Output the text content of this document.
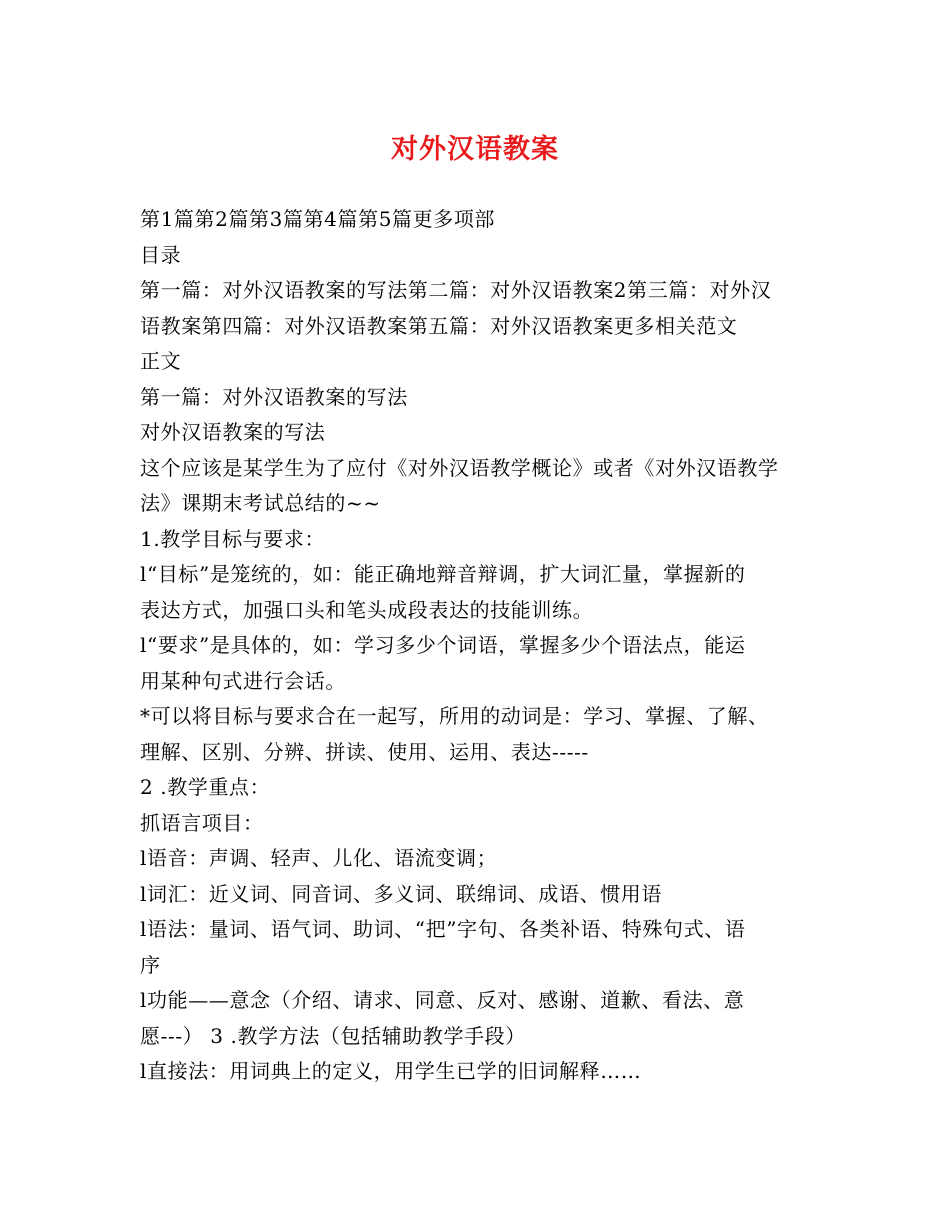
对外汉语教案
第1篇第2篇第3篇第4篇第5篇更多项部
目录
第一篇：对外汉语教案的写法第二篇：对外汉语教案2第三篇：对外汉
语教案第四篇：对外汉语教案第五篇：对外汉语教案更多相关范文
正文
第一篇：对外汉语教案的写法
对外汉语教案的写法
这个应该是某学生为了应付《对外汉语教学概论》或者《对外汉语教学
法》课期末考试总结的~~
1.教学目标与要求：
l“目标”是笼统的，如：能正确地辩音辩调，扩大词汇量，掌握新的
表达方式，加强口头和笔头成段表达的技能训练。
l“要求”是具体的，如：学习多少个词语，掌握多少个语法点，能运
用某种句式进行会话。
*可以将目标与要求合在一起写，所用的动词是：学习、掌握、了解、
理解、区别、分辨、拼读、使用、运用、表达-----
2 .教学重点：
抓语言项目：
l语音：声调、轻声、儿化、语流变调；
l词汇：近义词、同音词、多义词、联绵词、成语、惯用语
l语法：量词、语气词、助词、“把”字句、各类补语、特殊句式、语
序
l功能——意念（介绍、请求、同意、反对、感谢、道歉、看法、意
愿---） 3 .教学方法（包括辅助教学手段）
l直接法：用词典上的定义，用学生已学的旧词解释……
